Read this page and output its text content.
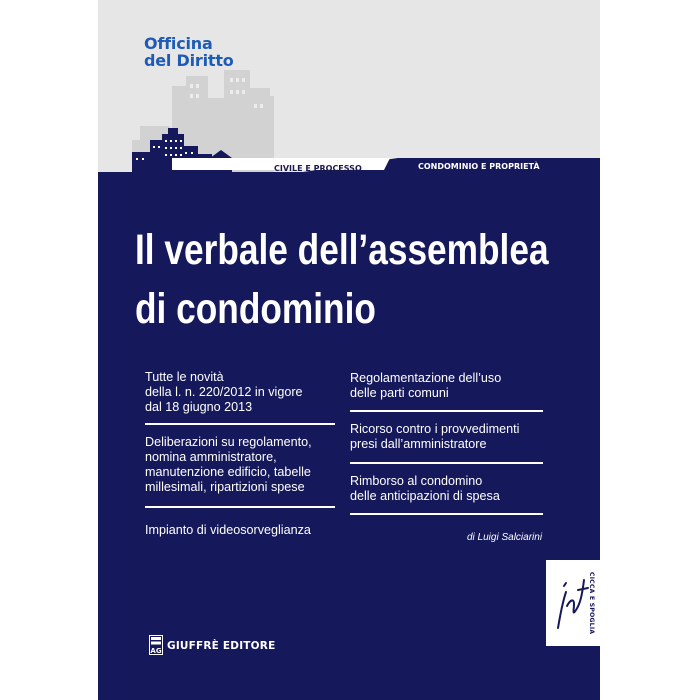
Officina
del Diritto
CIVILE E PROCESSO	CONDOMINIO E PROPRIETÀ
Il verbale dell’assemblea
di condominio
Tutte le novità
della l. n. 220/2012 in vigore
dal 18 giugno 2013
Deliberazioni su regolamento,
nomina amministratore,
manutenzione edificio, tabelle
millesimali, ripartizioni spese
Impianto di videosorveglianza
Regolamentazione dell’uso
delle parti comuni
Ricorso contro i provvedimenti
presi dall’amministratore
Rimborso al condomino
delle anticipazioni di spesa
di Luigi Salciarini
CICCA E SPOGLIA
AG GIUFFRÈ EDITORE
